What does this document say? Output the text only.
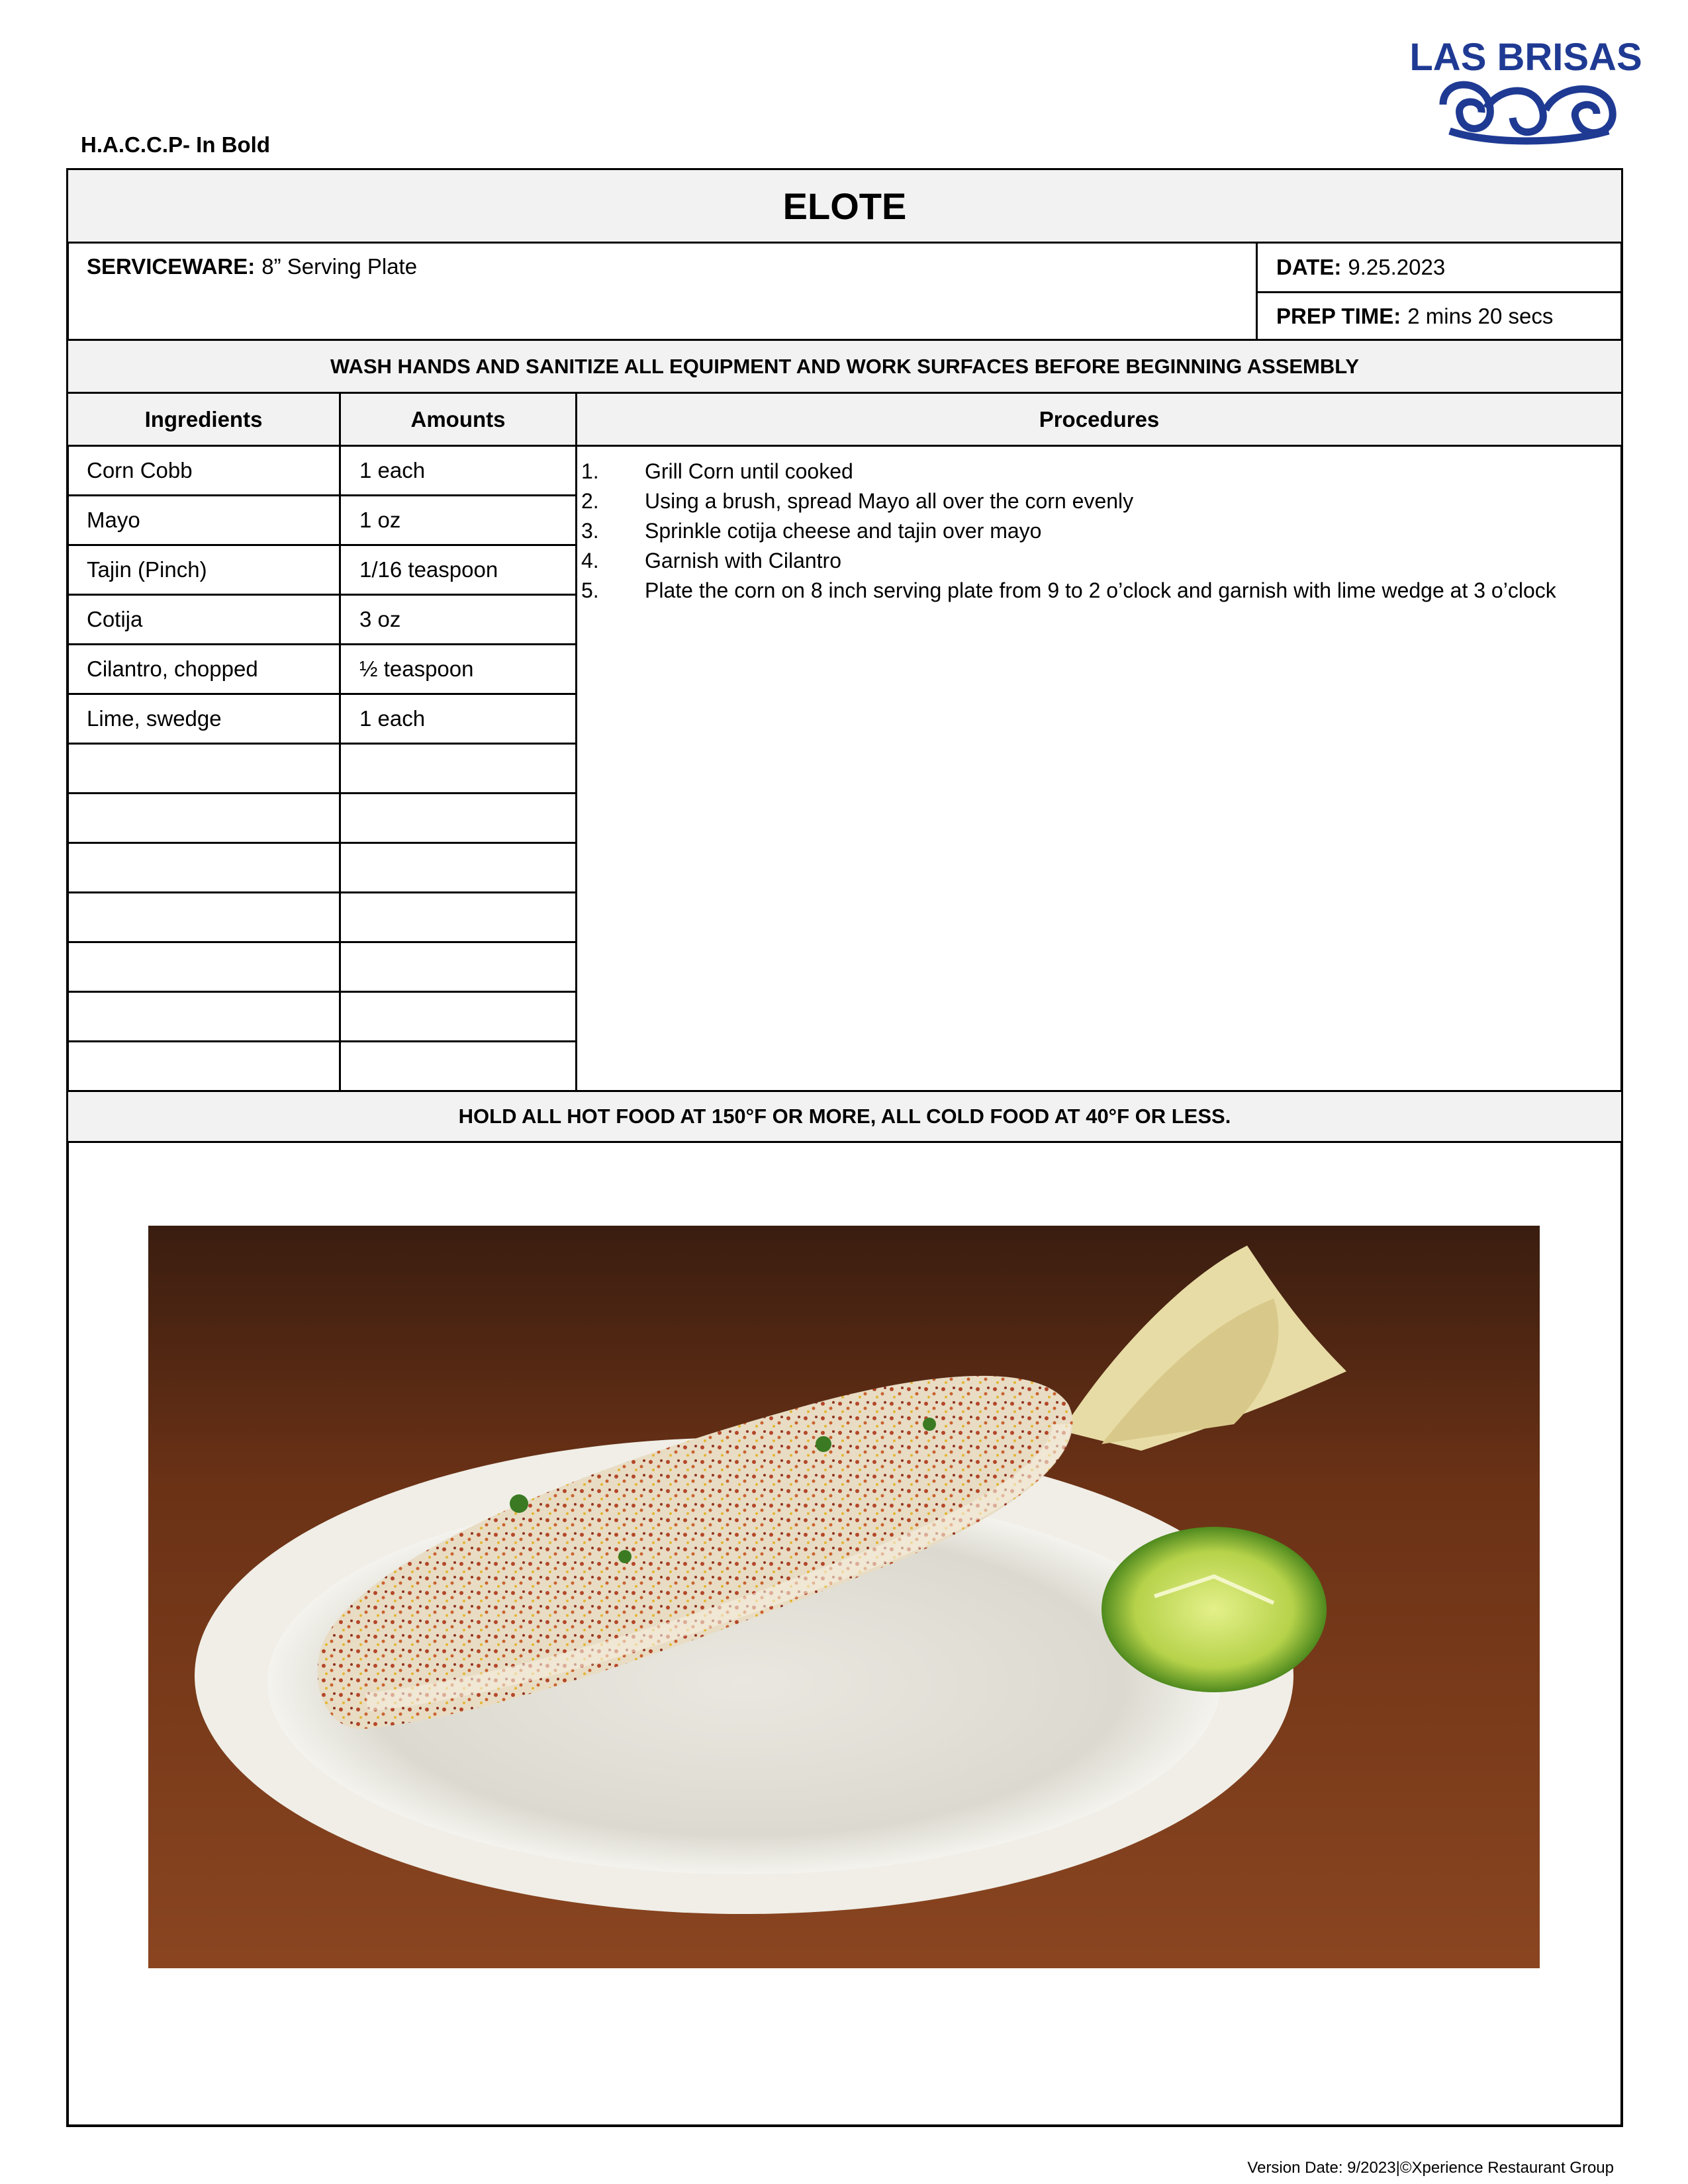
H.A.C.C.P- In Bold
LAS BRISAS
ELOTE
SERVICEWARE: 8” Serving Plate	DATE: 9.25.2023
PREP TIME: 2 mins 20 secs
WASH HANDS AND SANITIZE ALL EQUIPMENT AND WORK SURFACES BEFORE BEGINNING ASSEMBLY
Ingredients	Amounts	Procedures
Corn Cobb	1 each
Mayo	1 oz
Tajin (Pinch)	1/16 teaspoon
Cotija	3 oz
Cilantro, chopped	½ teaspoon
Lime, swedge	1 each
1. Grill Corn until cooked
2. Using a brush, spread Mayo all over the corn evenly
3. Sprinkle cotija cheese and tajin over mayo
4. Garnish with Cilantro
5. Plate the corn on 8 inch serving plate from 9 to 2 o’clock and garnish with lime wedge at 3 o’clock
HOLD ALL HOT FOOD AT 150°F OR MORE, ALL COLD FOOD AT 40°F OR LESS.
Version Date: 9/2023|©Xperience Restaurant Group
